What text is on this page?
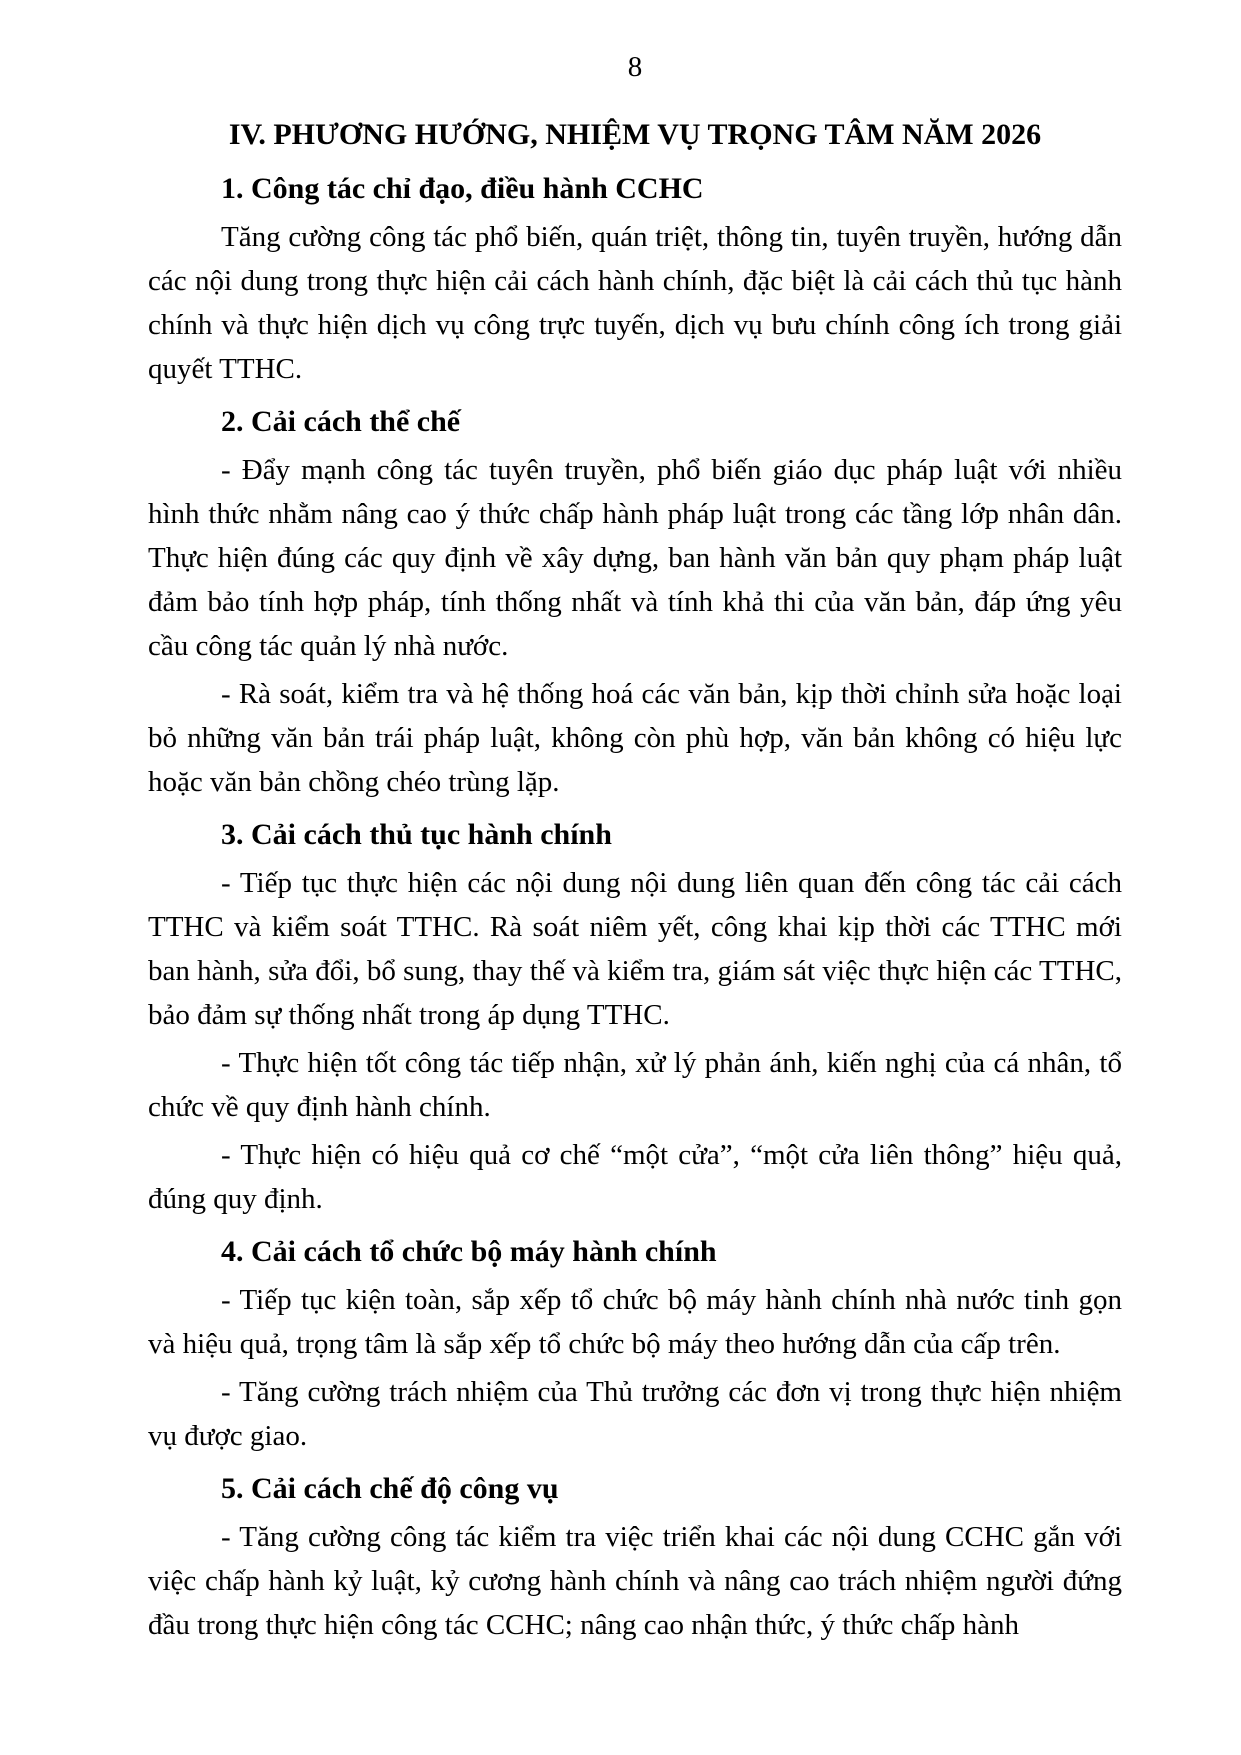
8
IV. PHƯƠNG HƯỚNG, NHIỆM VỤ TRỌNG TÂM NĂM 2026
1. Công tác chỉ đạo, điều hành CCHC

Tăng cường công tác phổ biến, quán triệt, thông tin, tuyên truyền, hướng dẫn các nội dung trong thực hiện cải cách hành chính, đặc biệt là cải cách thủ tục hành chính và thực hiện dịch vụ công trực tuyến, dịch vụ bưu chính công ích trong giải quyết TTHC.

2. Cải cách thể chế

- Đẩy mạnh công tác tuyên truyền, phổ biến giáo dục pháp luật với nhiều hình thức nhằm nâng cao ý thức chấp hành pháp luật trong các tầng lớp nhân dân. Thực hiện đúng các quy định về xây dựng, ban hành văn bản quy phạm pháp luật đảm bảo tính hợp pháp, tính thống nhất và tính khả thi của văn bản, đáp ứng yêu cầu công tác quản lý nhà nước.

- Rà soát, kiểm tra và hệ thống hoá các văn bản, kịp thời chỉnh sửa hoặc loại bỏ những văn bản trái pháp luật, không còn phù hợp, văn bản không có hiệu lực hoặc văn bản chồng chéo trùng lặp.

3. Cải cách thủ tục hành chính

- Tiếp tục thực hiện các nội dung nội dung liên quan đến công tác cải cách TTHC và kiểm soát TTHC. Rà soát niêm yết, công khai kịp thời các TTHC mới ban hành, sửa đổi, bổ sung, thay thế và kiểm tra, giám sát việc thực hiện các TTHC, bảo đảm sự thống nhất trong áp dụng TTHC.

- Thực hiện tốt công tác tiếp nhận, xử lý phản ánh, kiến nghị của cá nhân, tổ chức về quy định hành chính.

- Thực hiện có hiệu quả cơ chế “một cửa”, “một cửa liên thông” hiệu quả, đúng quy định.

4. Cải cách tổ chức bộ máy hành chính

- Tiếp tục kiện toàn, sắp xếp tổ chức bộ máy hành chính nhà nước tinh gọn và hiệu quả, trọng tâm là sắp xếp tổ chức bộ máy theo hướng dẫn của cấp trên.

- Tăng cường trách nhiệm của Thủ trưởng các đơn vị trong thực hiện nhiệm vụ được giao.

5. Cải cách chế độ công vụ

- Tăng cường công tác kiểm tra việc triển khai các nội dung CCHC gắn với việc chấp hành kỷ luật, kỷ cương hành chính và nâng cao trách nhiệm người đứng đầu trong thực hiện công tác CCHC; nâng cao nhận thức, ý thức chấp hành
